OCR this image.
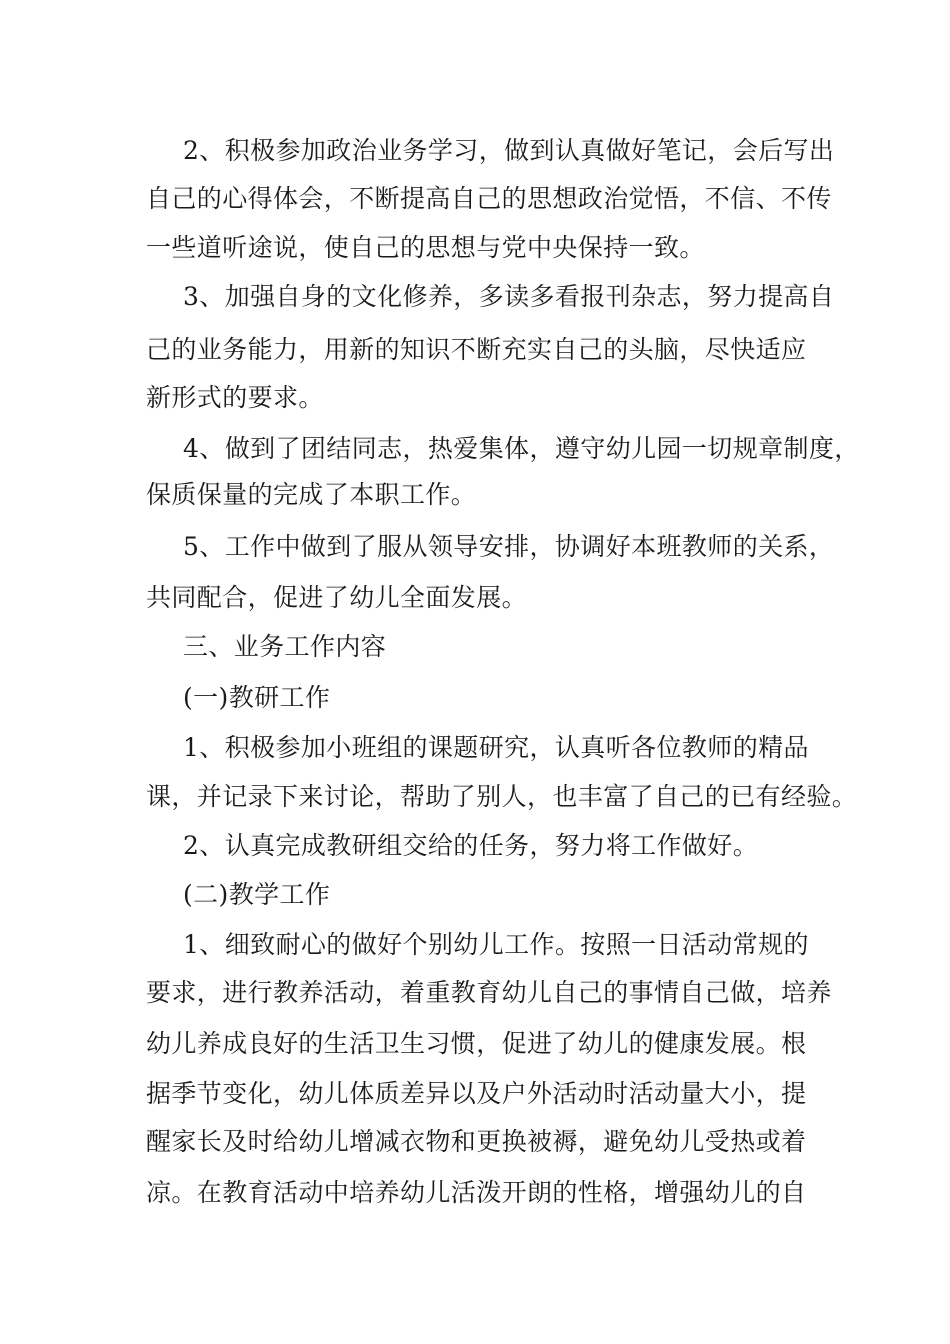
2、积极参加政治业务学习，做到认真做好笔记，会后写出
自己的心得体会，不断提高自己的思想政治觉悟，不信、不传
一些道听途说，使自己的思想与党中央保持一致。
3、加强自身的文化修养，多读多看报刊杂志，努力提高自
己的业务能力，用新的知识不断充实自己的头脑，尽快适应
新形式的要求。
4、做到了团结同志，热爱集体，遵守幼儿园一切规章制度，
保质保量的完成了本职工作。
5、工作中做到了服从领导安排，协调好本班教师的关系，
共同配合，促进了幼儿全面发展。
三、业务工作内容
(一)教研工作
1、积极参加小班组的课题研究，认真听各位教师的精品
课，并记录下来讨论，帮助了别人，也丰富了自己的已有经验。
2、认真完成教研组交给的任务，努力将工作做好。
(二)教学工作
1、细致耐心的做好个别幼儿工作。按照一日活动常规的
要求，进行教养活动，着重教育幼儿自己的事情自己做，培养
幼儿养成良好的生活卫生习惯，促进了幼儿的健康发展。根
据季节变化，幼儿体质差异以及户外活动时活动量大小，提
醒家长及时给幼儿增减衣物和更换被褥，避免幼儿受热或着
凉。在教育活动中培养幼儿活泼开朗的性格，增强幼儿的自
